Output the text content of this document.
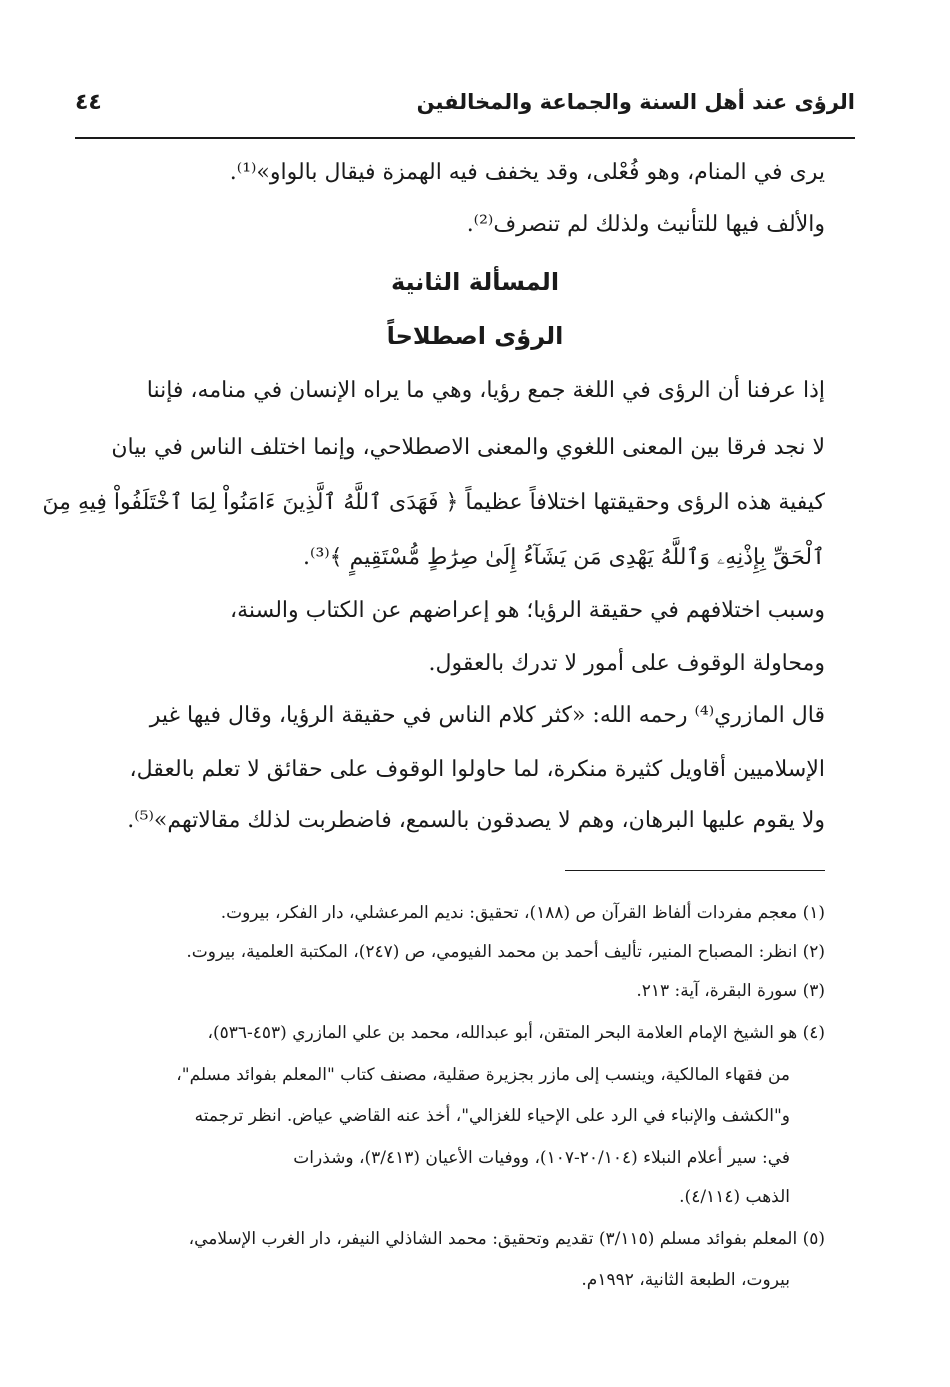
الرؤى عند أهل السنة والجماعة والمخالفين
٤٤
يرى في المنام، وهو فُعْلى، وقد يخفف فيه الهمزة فيقال بالواو»⁽¹⁾.
والألف فيها للتأنيث ولذلك لم تنصرف⁽²⁾.
المسألة الثانية
الرؤى اصطلاحاً
إذا عرفنا أن الرؤى في اللغة جمع رؤيا، وهي ما يراه الإنسان في منامه، فإننا
لا نجد فرقا بين المعنى اللغوي والمعنى الاصطلاحي، وإنما اختلف الناس في بيان
كيفية هذه الرؤى وحقيقتها اختلافاً عظيماً ﴿ فَهَدَى ٱللَّهُ ٱلَّذِينَ ءَامَنُواْ لِمَا ٱخْتَلَفُواْ فِيهِ مِنَ
ٱلْحَقِّ بِإِذْنِهِۦ وَٱللَّهُ يَهْدِى مَن يَشَآءُ إِلَىٰ صِرَٰطٍ مُّسْتَقِيمٍ ﴾⁽³⁾.
وسبب اختلافهم في حقيقة الرؤيا؛ هو إعراضهم عن الكتاب والسنة،
ومحاولة الوقوف على أمور لا تدرك بالعقول.
قال المازري⁽⁴⁾ رحمه الله: «كثر كلام الناس في حقيقة الرؤيا، وقال فيها غير
الإسلاميين أقاويل كثيرة منكرة، لما حاولوا الوقوف على حقائق لا تعلم بالعقل،
ولا يقوم عليها البرهان، وهم لا يصدقون بالسمع، فاضطربت لذلك مقالاتهم»⁽⁵⁾.
(١) معجم مفردات ألفاظ القرآن ص (١٨٨)، تحقيق: نديم المرعشلي، دار الفكر، بيروت.
(٢) انظر: المصباح المنير، تأليف أحمد بن محمد الفيومي، ص (٢٤٧)، المكتبة العلمية، بيروت.
(٣) سورة البقرة، آية: ٢١٣.
(٤) هو الشيخ الإمام العلامة البحر المتقن، أبو عبدالله، محمد بن علي المازري (٤٥٣-٥٣٦)،
من فقهاء المالكية، وينسب إلى مازر بجزيرة صقلية، مصنف كتاب "المعلم بفوائد مسلم"،
و"الكشف والإنباء في الرد على الإحياء للغزالي"، أخذ عنه القاضي عياض. انظر ترجمته
في: سير أعلام النبلاء (٢٠/١٠٤-١٠٧)، ووفيات الأعيان (٣/٤١٣)، وشذرات
الذهب (٤/١١٤).
(٥) المعلم بفوائد مسلم (٣/١١٥) تقديم وتحقيق: محمد الشاذلي النيفر، دار الغرب الإسلامي،
بيروت، الطبعة الثانية، ١٩٩٢م.
